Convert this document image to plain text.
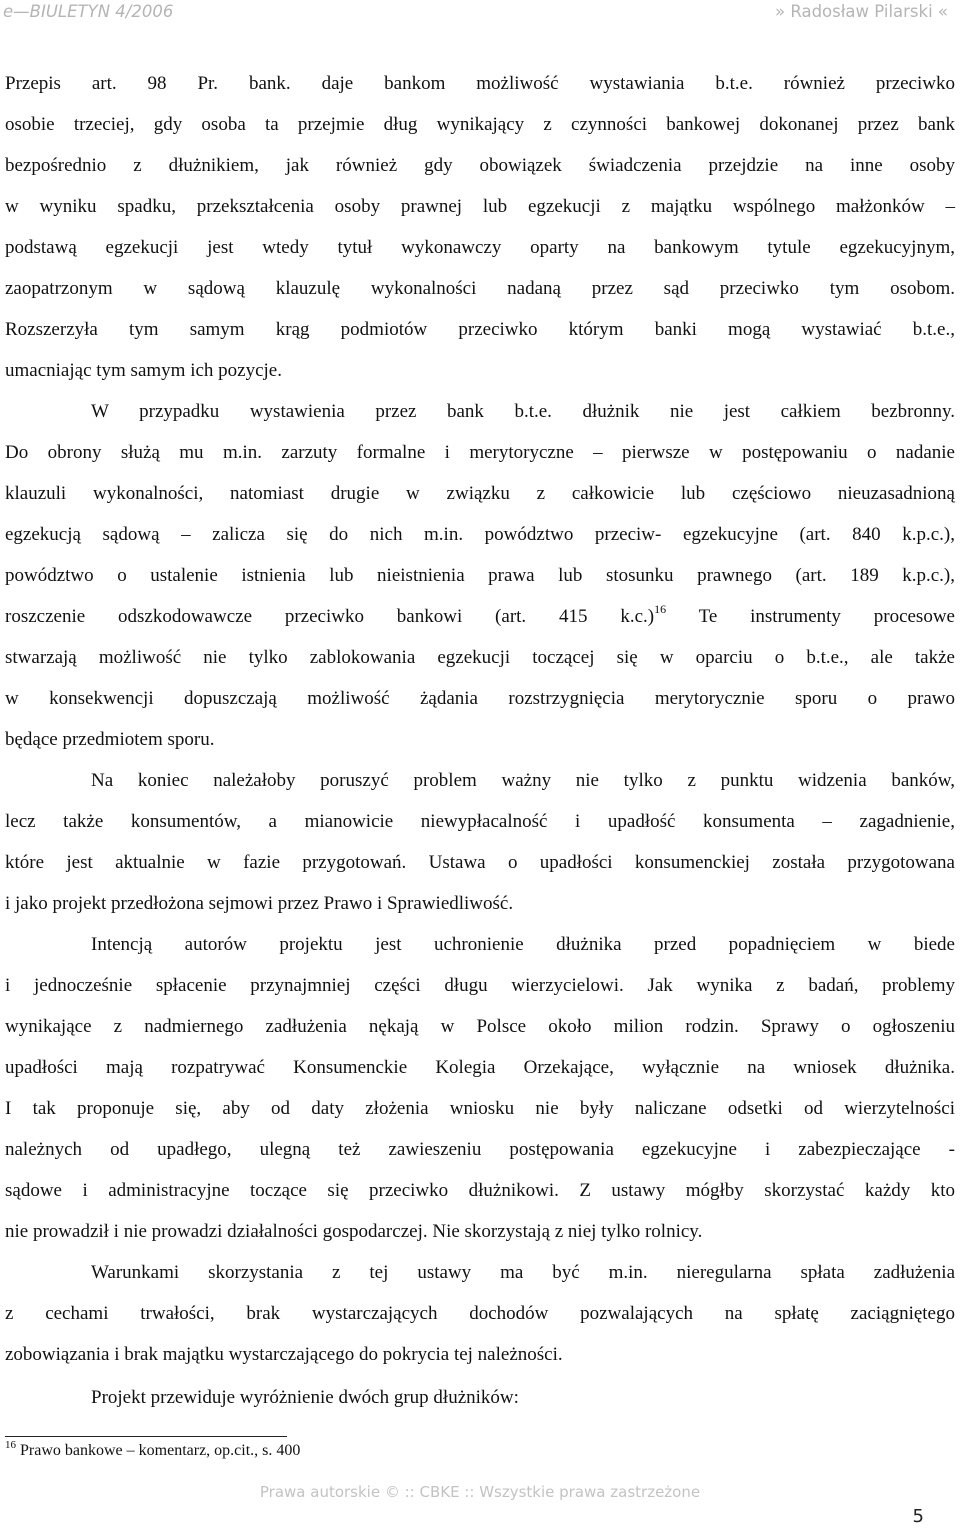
e—BIULETYN 4/2006	» Radosław Pilarski «
Przepis art. 98 Pr. bank. daje bankom możliwość wystawiania b.t.e. również przeciwko
osobie trzeciej, gdy osoba ta przejmie dług wynikający z czynności bankowej dokonanej przez bank
bezpośrednio z dłużnikiem, jak również gdy obowiązek świadczenia przejdzie na inne osoby
w wyniku spadku, przekształcenia osoby prawnej lub egzekucji z majątku wspólnego małżonków –
podstawą egzekucji jest wtedy tytuł wykonawczy oparty na bankowym tytule egzekucyjnym,
zaopatrzonym w sądową klauzulę wykonalności nadaną przez sąd przeciwko tym osobom.
Rozszerzyła tym samym krąg podmiotów przeciwko którym banki mogą wystawiać b.t.e.,
umacniając tym samym ich pozycje.
W przypadku wystawienia przez bank b.t.e. dłużnik nie jest całkiem bezbronny.
Do obrony służą mu m.in. zarzuty formalne i merytoryczne – pierwsze w postępowaniu o nadanie
klauzuli wykonalności, natomiast drugie w związku z całkowicie lub częściowo nieuzasadnioną
egzekucją sądową – zalicza się do nich m.in. powództwo przeciw- egzekucyjne (art. 840 k.p.c.),
powództwo o ustalenie istnienia lub nieistnienia prawa lub stosunku prawnego (art. 189 k.p.c.),
roszczenie odszkodowawcze przeciwko bankowi (art. 415 k.c.)$^{16}$ Te instrumenty procesowe
stwarzają możliwość nie tylko zablokowania egzekucji toczącej się w oparciu o b.t.e., ale także
w konsekwencji dopuszczają możliwość żądania rozstrzygnięcia merytorycznie sporu o prawo
będące przedmiotem sporu.
Na koniec należałoby poruszyć problem ważny nie tylko z punktu widzenia banków,
lecz także konsumentów, a mianowicie niewypłacalność i upadłość konsumenta – zagadnienie,
które jest aktualnie w fazie przygotowań. Ustawa o upadłości konsumenckiej została przygotowana
i jako projekt przedłożona sejmowi przez Prawo i Sprawiedliwość.
Intencją autorów projektu jest uchronienie dłużnika przed popadnięciem w biede
i jednocześnie spłacenie przynajmniej części długu wierzycielowi. Jak wynika z badań, problemy
wynikające z nadmiernego zadłużenia nękają w Polsce około milion rodzin. Sprawy o ogłoszeniu
upadłości mają rozpatrywać Konsumenckie Kolegia Orzekające, wyłącznie na wniosek dłużnika.
I tak proponuje się, aby od daty złożenia wniosku nie były naliczane odsetki od wierzytelności
należnych od upadłego, ulegną też zawieszeniu postępowania egzekucyjne i zabezpieczające -
sądowe i administracyjne toczące się przeciwko dłużnikowi. Z ustawy mógłby skorzystać każdy kto
nie prowadził i nie prowadzi działalności gospodarczej. Nie skorzystają z niej tylko rolnicy.
Warunkami skorzystania z tej ustawy ma być m.in. nieregularna spłata zadłużenia
z cechami trwałości, brak wystarczających dochodów pozwalających na spłatę zaciągniętego
zobowiązania i brak majątku wystarczającego do pokrycia tej należności.
Projekt przewiduje wyróżnienie dwóch grup dłużników:
$^{16}$ Prawo bankowe – komentarz, op.cit., s. 400
Prawa autorskie © :: CBKE :: Wszystkie prawa zastrzeżone
5
